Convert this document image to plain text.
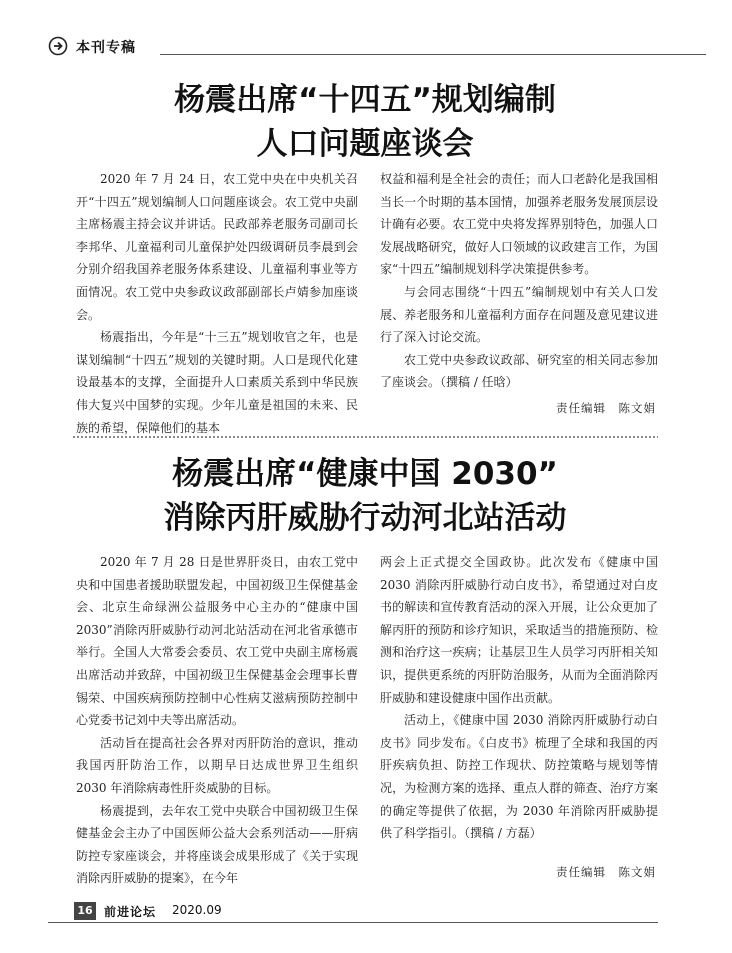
本刊专稿
杨震出席“十四五”规划编制
人口问题座谈会

2020 年 7 月 24 日，农工党中央在中央机关召开“十四五”规划编制人口问题座谈会。农工党中央副主席杨震主持会议并讲话。民政部养老服务司副司长李邦华、儿童福利司儿童保护处四级调研员李晨到会分别介绍我国养老服务体系建设、儿童福利事业等方面情况。农工党中央参政议政部副部长卢婧参加座谈会。

杨震指出，今年是“十三五”规划收官之年，也是谋划编制“十四五”规划的关键时期。人口是现代化建设最基本的支撑，全面提升人口素质关系到中华民族伟大复兴中国梦的实现。少年儿童是祖国的未来、民族的希望，保障他们的基本

权益和福利是全社会的责任；而人口老龄化是我国相当长一个时期的基本国情，加强养老服务发展顶层设计确有必要。农工党中央将发挥界别特色，加强人口发展战略研究，做好人口领域的议政建言工作，为国家“十四五”编制规划科学决策提供参考。

与会同志围绕“十四五”编制规划中有关人口发展、养老服务和儿童福利方面存在问题及意见建议进行了深入讨论交流。

农工党中央参政议政部、研究室的相关同志参加了座谈会。（撰稿 / 任晗）

责任编辑　陈文娟
杨震出席“健康中国 2030”
消除丙肝威胁行动河北站活动

2020 年 7 月 28 日是世界肝炎日，由农工党中央和中国患者援助联盟发起，中国初级卫生保健基金会、北京生命绿洲公益服务中心主办的“健康中国 2030”消除丙肝威胁行动河北站活动在河北省承德市举行。全国人大常委会委员、农工党中央副主席杨震出席活动并致辞，中国初级卫生保健基金会理事长曹锡荣、中国疾病预防控制中心性病艾滋病预防控制中心党委书记刘中夫等出席活动。

活动旨在提高社会各界对丙肝防治的意识，推动我国丙肝防治工作，以期早日达成世界卫生组织 2030 年消除病毒性肝炎威胁的目标。

杨震提到，去年农工党中央联合中国初级卫生保健基金会主办了中国医师公益大会系列活动——肝病防控专家座谈会，并将座谈会成果形成了《关于实现消除丙肝威胁的提案》，在今年

两会上正式提交全国政协。此次发布《健康中国 2030 消除丙肝威胁行动白皮书》，希望通过对白皮书的解读和宣传教育活动的深入开展，让公众更加了解丙肝的预防和诊疗知识，采取适当的措施预防、检测和治疗这一疾病；让基层卫生人员学习丙肝相关知识，提供更系统的丙肝防治服务，从而为全面消除丙肝威胁和建设健康中国作出贡献。

活动上，《健康中国 2030 消除丙肝威胁行动白皮书》同步发布。《白皮书》梳理了全球和我国的丙肝疾病负担、防控工作现状、防控策略与规划等情况，为检测方案的选择、重点人群的筛查、治疗方案的确定等提供了依据，为 2030 年消除丙肝威胁提供了科学指引。（撰稿 / 方磊）

责任编辑　陈文娟
16 前进论坛 2020.09
